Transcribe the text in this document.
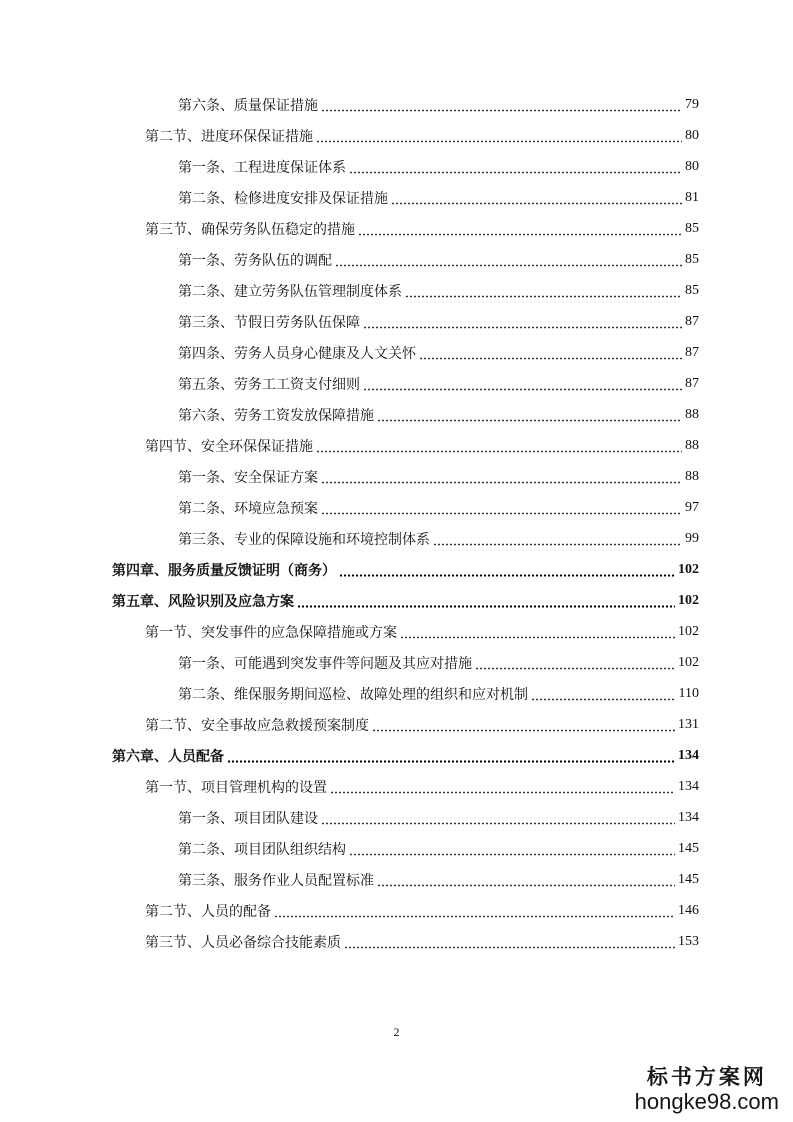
第六条、质量保证措施	79
第二节、进度环保保证措施	80
第一条、工程进度保证体系	80
第二条、检修进度安排及保证措施	81
第三节、确保劳务队伍稳定的措施	85
第一条、劳务队伍的调配	85
第二条、建立劳务队伍管理制度体系	85
第三条、节假日劳务队伍保障	87
第四条、劳务人员身心健康及人文关怀	87
第五条、劳务工工资支付细则	87
第六条、劳务工资发放保障措施	88
第四节、安全环保保证措施	88
第一条、安全保证方案	88
第二条、环境应急预案	97
第三条、专业的保障设施和环境控制体系	99
第四章、服务质量反馈证明（商务）	102
第五章、风险识别及应急方案	102
第一节、突发事件的应急保障措施或方案	102
第一条、可能遇到突发事件等问题及其应对措施	102
第二条、维保服务期间巡检、故障处理的组织和应对机制	110
第二节、安全事故应急救援预案制度	131
第六章、人员配备	134
第一节、项目管理机构的设置	134
第一条、项目团队建设	134
第二条、项目团队组织结构	145
第三条、服务作业人员配置标准	145
第二节、人员的配备	146
第三节、人员必备综合技能素质	153
2
标书方案网
hongke98.com
